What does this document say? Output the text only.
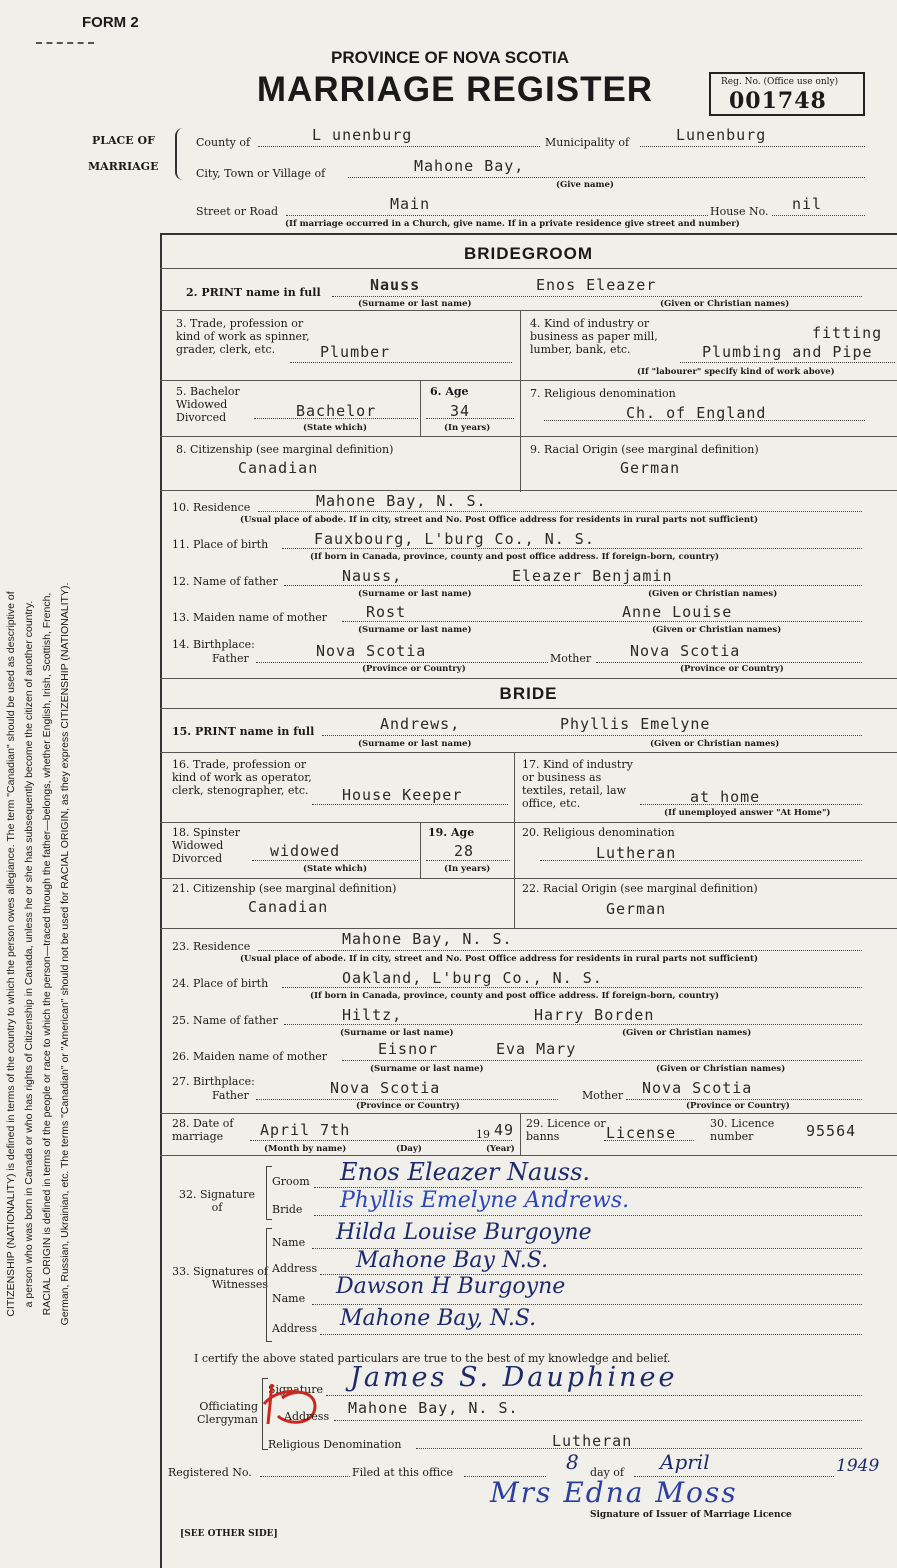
CITIZENSHIP (NATIONALITY) is defined in terms of the country to which the person owes allegiance. The term "Canadian" should be used as descriptive of a person who was born in Canada or who has rights of Citizenship in Canada, unless he or she has subsequently become the citizen of another country. RACIAL ORIGIN is defined in terms of the people or race to which the person—traced through the father—belongs, whether English, Irish, Scottish, French, German, Russian, Ukrainian, etc. The terms "Canadian" or "American" should not be used for RACIAL ORIGIN, as they express CITIZENSHIP (NATIONALITY).
FORM 2
PROVINCE OF NOVA SCOTIA
MARRIAGE REGISTER	Reg. No. (Office use only)
001748
PLACE OF
MARRIAGE
County of	L unenburg	Municipality of	Lunenburg
City, Town or Village of	Mahone Bay,
(Give name)
Street or Road	Main	House No. nil
(If marriage occurred in a Church, give name. If in a private residence give street and number)
BRIDEGROOM
2. PRINT name in full	Nauss	Enos Eleazer
(Surname or last name)	(Given or Christian names)
3. Trade, profession or kind of work as spinner, grader, clerk, etc.	Plumber
4. Kind of industry or business as paper mill, lumber, bank, etc.
fitting
Plumbing and Pipe
(If "labourer" specify kind of work above)
5. Bachelor Widowed Divorced	Bachelor
(State which)
6. Age
34
(In years)
7. Religious denomination
Ch. of England
8. Citizenship (see marginal definition)
Canadian
9. Racial Origin (see marginal definition)
German
10. Residence	Mahone Bay, N. S.
(Usual place of abode. If in city, street and No. Post Office address for residents in rural parts not sufficient)
11. Place of birth	Fauxbourg, L'burg Co., N. S.
(If born in Canada, province, county and post office address. If foreign-born, country)
12. Name of father	Nauss,	Eleazer Benjamin
(Surname or last name)	(Given or Christian names)
13. Maiden name of mother	Rost	Anne Louise
(Surname or last name)	(Given or Christian names)
14. Birthplace:
Father	Nova Scotia	Mother	Nova Scotia
(Province or Country)	(Province or Country)
BRIDE
15. PRINT name in full	Andrews,	Phyllis Emelyne
(Surname or last name)	(Given or Christian names)
16. Trade, profession or kind of work as operator, clerk, stenographer, etc. House Keeper
17. Kind of industry or business as textiles, retail, law office, etc.	at home
(If unemployed answer "At Home")
18. Spinster Widowed Divorced	widowed
(State which)
19. Age
28
(In years)
20. Religious denomination
Lutheran
21. Citizenship (see marginal definition)
Canadian
22. Racial Origin (see marginal definition)
German
23. Residence	Mahone Bay, N. S.
(Usual place of abode. If in city, street and No. Post Office address for residents in rural parts not sufficient)
24. Place of birth	Oakland, L'burg Co., N. S.
(If born in Canada, province, county and post office address. If foreign-born, country)
25. Name of father	Hiltz,	Harry Borden
(Surname or last name)	(Given or Christian names)
26. Maiden name of mother	Eisnor	Eva Mary
(Surname or last name)	(Given or Christian names)
27. Birthplace:
Father	Nova Scotia	Mother Nova Scotia
(Province or Country)	(Province or Country)
28. Date of marriage	April 7th	19 49
(Month by name)	(Day)	(Year)
29. Licence or banns	License
30. Licence number	95564
32. Signature of
Groom Enos Eleazer Nauss.
Bride Phyllis Emelyne Andrews.
33. Signatures of Witnesses
Name Hilda Louise Burgoyne
Address Mahone Bay N.S.
Name Dawson H Burgoyne
Address Mahone Bay, N.S.
I certify the above stated particulars are true to the best of my knowledge and belief.
Officiating Clergyman
Signature James S. Dauphinee
Address Mahone Bay, N. S.
Religious Denomination	Lutheran
Registered No.	Filed at this office	8 day of April	1949
Mrs Edna Moss
Signature of Issuer of Marriage Licence
[SEE OTHER SIDE]
